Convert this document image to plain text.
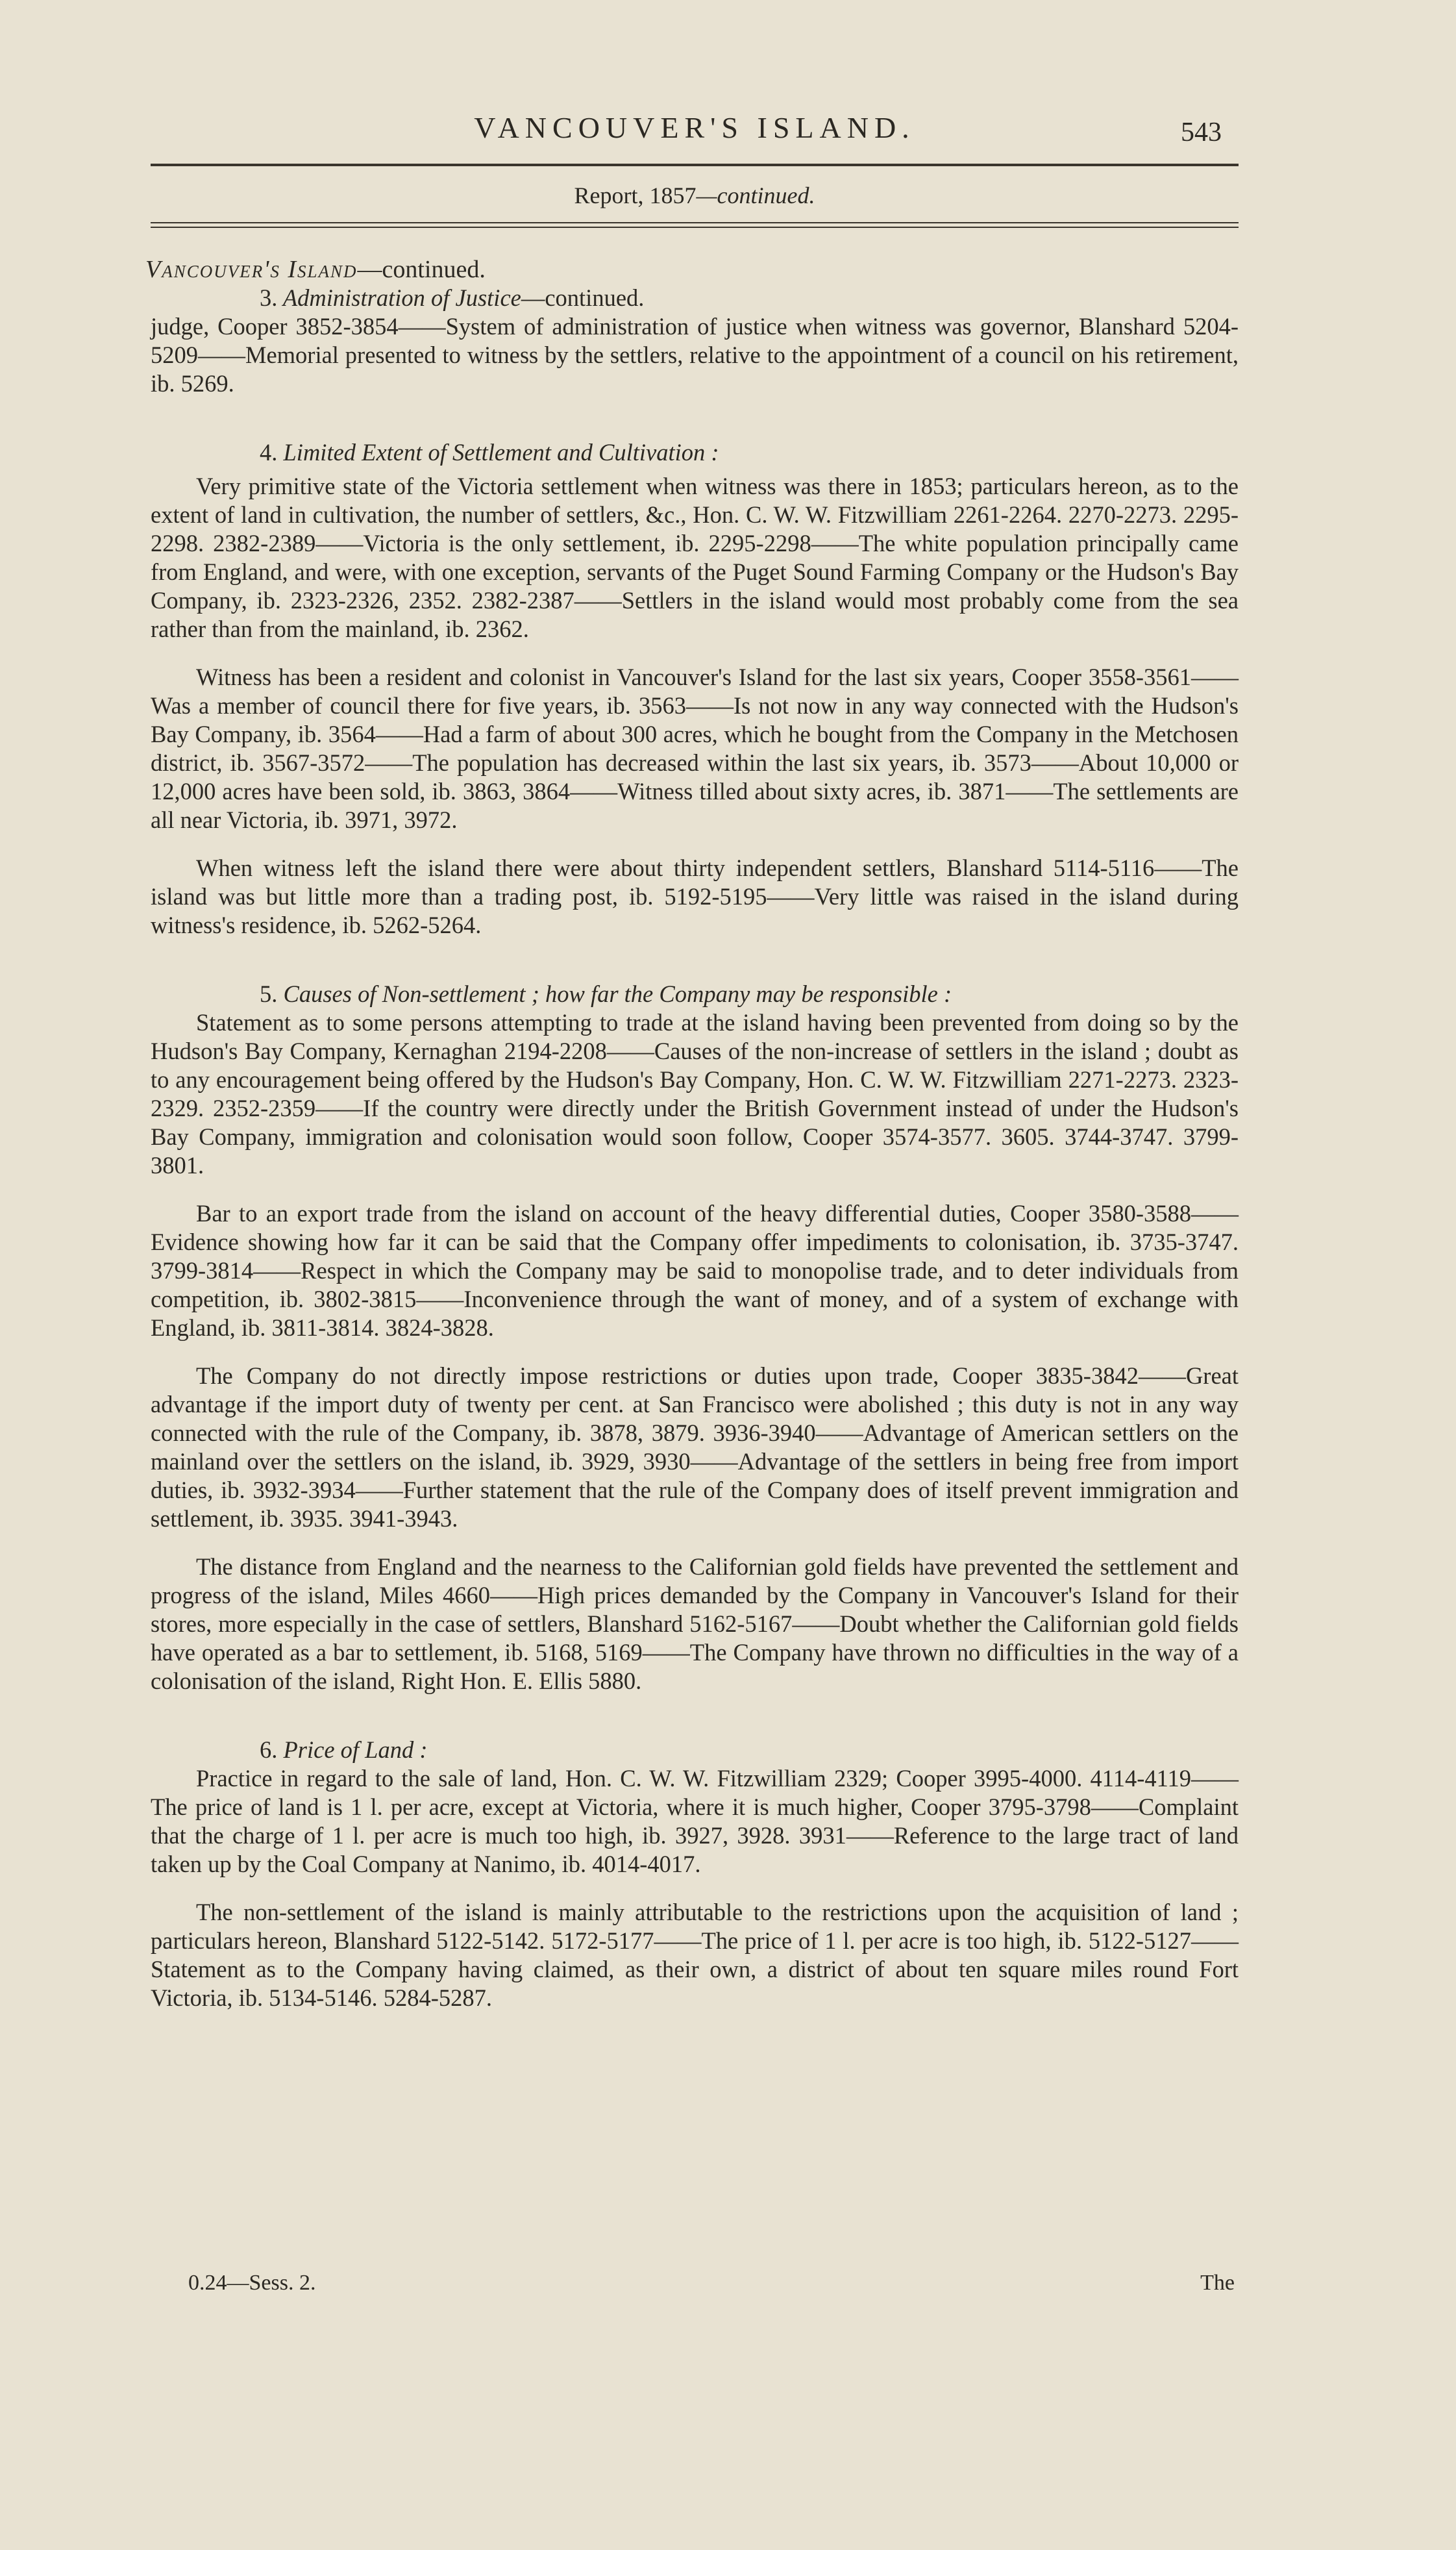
VANCOUVER'S ISLAND.	543
Report, 1857—continued.
Vancouver's Island—continued.
3. Administration of Justice—continued.

judge, Cooper 3852-3854——System of administration of justice when witness was governor, Blanshard 5204-5209——Memorial presented to witness by the settlers, relative to the appointment of a council on his retirement, ib. 5269.

4. Limited Extent of Settlement and Cultivation :

Very primitive state of the Victoria settlement when witness was there in 1853; particulars hereon, as to the extent of land in cultivation, the number of settlers, &c., Hon. C. W. W. Fitzwilliam 2261-2264. 2270-2273. 2295-2298. 2382-2389——Victoria is the only settlement, ib. 2295-2298——The white population principally came from England, and were, with one exception, servants of the Puget Sound Farming Company or the Hudson's Bay Company, ib. 2323-2326, 2352. 2382-2387——Settlers in the island would most probably come from the sea rather than from the mainland, ib. 2362.

Witness has been a resident and colonist in Vancouver's Island for the last six years, Cooper 3558-3561——Was a member of council there for five years, ib. 3563——Is not now in any way connected with the Hudson's Bay Company, ib. 3564——Had a farm of about 300 acres, which he bought from the Company in the Metchosen district, ib. 3567-3572——The population has decreased within the last six years, ib. 3573——About 10,000 or 12,000 acres have been sold, ib. 3863, 3864——Witness tilled about sixty acres, ib. 3871——The settlements are all near Victoria, ib. 3971, 3972.

When witness left the island there were about thirty independent settlers, Blanshard 5114-5116——The island was but little more than a trading post, ib. 5192-5195——Very little was raised in the island during witness's residence, ib. 5262-5264.

5. Causes of Non-settlement ; how far the Company may be responsible :

Statement as to some persons attempting to trade at the island having been prevented from doing so by the Hudson's Bay Company, Kernaghan 2194-2208——Causes of the non-increase of settlers in the island ; doubt as to any encouragement being offered by the Hudson's Bay Company, Hon. C. W. W. Fitzwilliam 2271-2273. 2323-2329. 2352-2359——If the country were directly under the British Government instead of under the Hudson's Bay Company, immigration and colonisation would soon follow, Cooper 3574-3577. 3605. 3744-3747. 3799-3801.

Bar to an export trade from the island on account of the heavy differential duties, Cooper 3580-3588——Evidence showing how far it can be said that the Company offer impediments to colonisation, ib. 3735-3747. 3799-3814——Respect in which the Company may be said to monopolise trade, and to deter individuals from competition, ib. 3802-3815——Inconvenience through the want of money, and of a system of exchange with England, ib. 3811-3814. 3824-3828.

The Company do not directly impose restrictions or duties upon trade, Cooper 3835-3842——Great advantage if the import duty of twenty per cent. at San Francisco were abolished ; this duty is not in any way connected with the rule of the Company, ib. 3878, 3879. 3936-3940——Advantage of American settlers on the mainland over the settlers on the island, ib. 3929, 3930——Advantage of the settlers in being free from import duties, ib. 3932-3934——Further statement that the rule of the Company does of itself prevent immigration and settlement, ib. 3935. 3941-3943.

The distance from England and the nearness to the Californian gold fields have prevented the settlement and progress of the island, Miles 4660——High prices demanded by the Company in Vancouver's Island for their stores, more especially in the case of settlers, Blanshard 5162-5167——Doubt whether the Californian gold fields have operated as a bar to settlement, ib. 5168, 5169——The Company have thrown no difficulties in the way of a colonisation of the island, Right Hon. E. Ellis 5880.

6. Price of Land :

Practice in regard to the sale of land, Hon. C. W. W. Fitzwilliam 2329; Cooper 3995-4000. 4114-4119——The price of land is 1 l. per acre, except at Victoria, where it is much higher, Cooper 3795-3798——Complaint that the charge of 1 l. per acre is much too high, ib. 3927, 3928. 3931——Reference to the large tract of land taken up by the Coal Company at Nanimo, ib. 4014-4017.

The non-settlement of the island is mainly attributable to the restrictions upon the acquisition of land ; particulars hereon, Blanshard 5122-5142. 5172-5177——The price of 1 l. per acre is too high, ib. 5122-5127——Statement as to the Company having claimed, as their own, a district of about ten square miles round Fort Victoria, ib. 5134-5146. 5284-5287.

0.24—Sess. 2.	The
